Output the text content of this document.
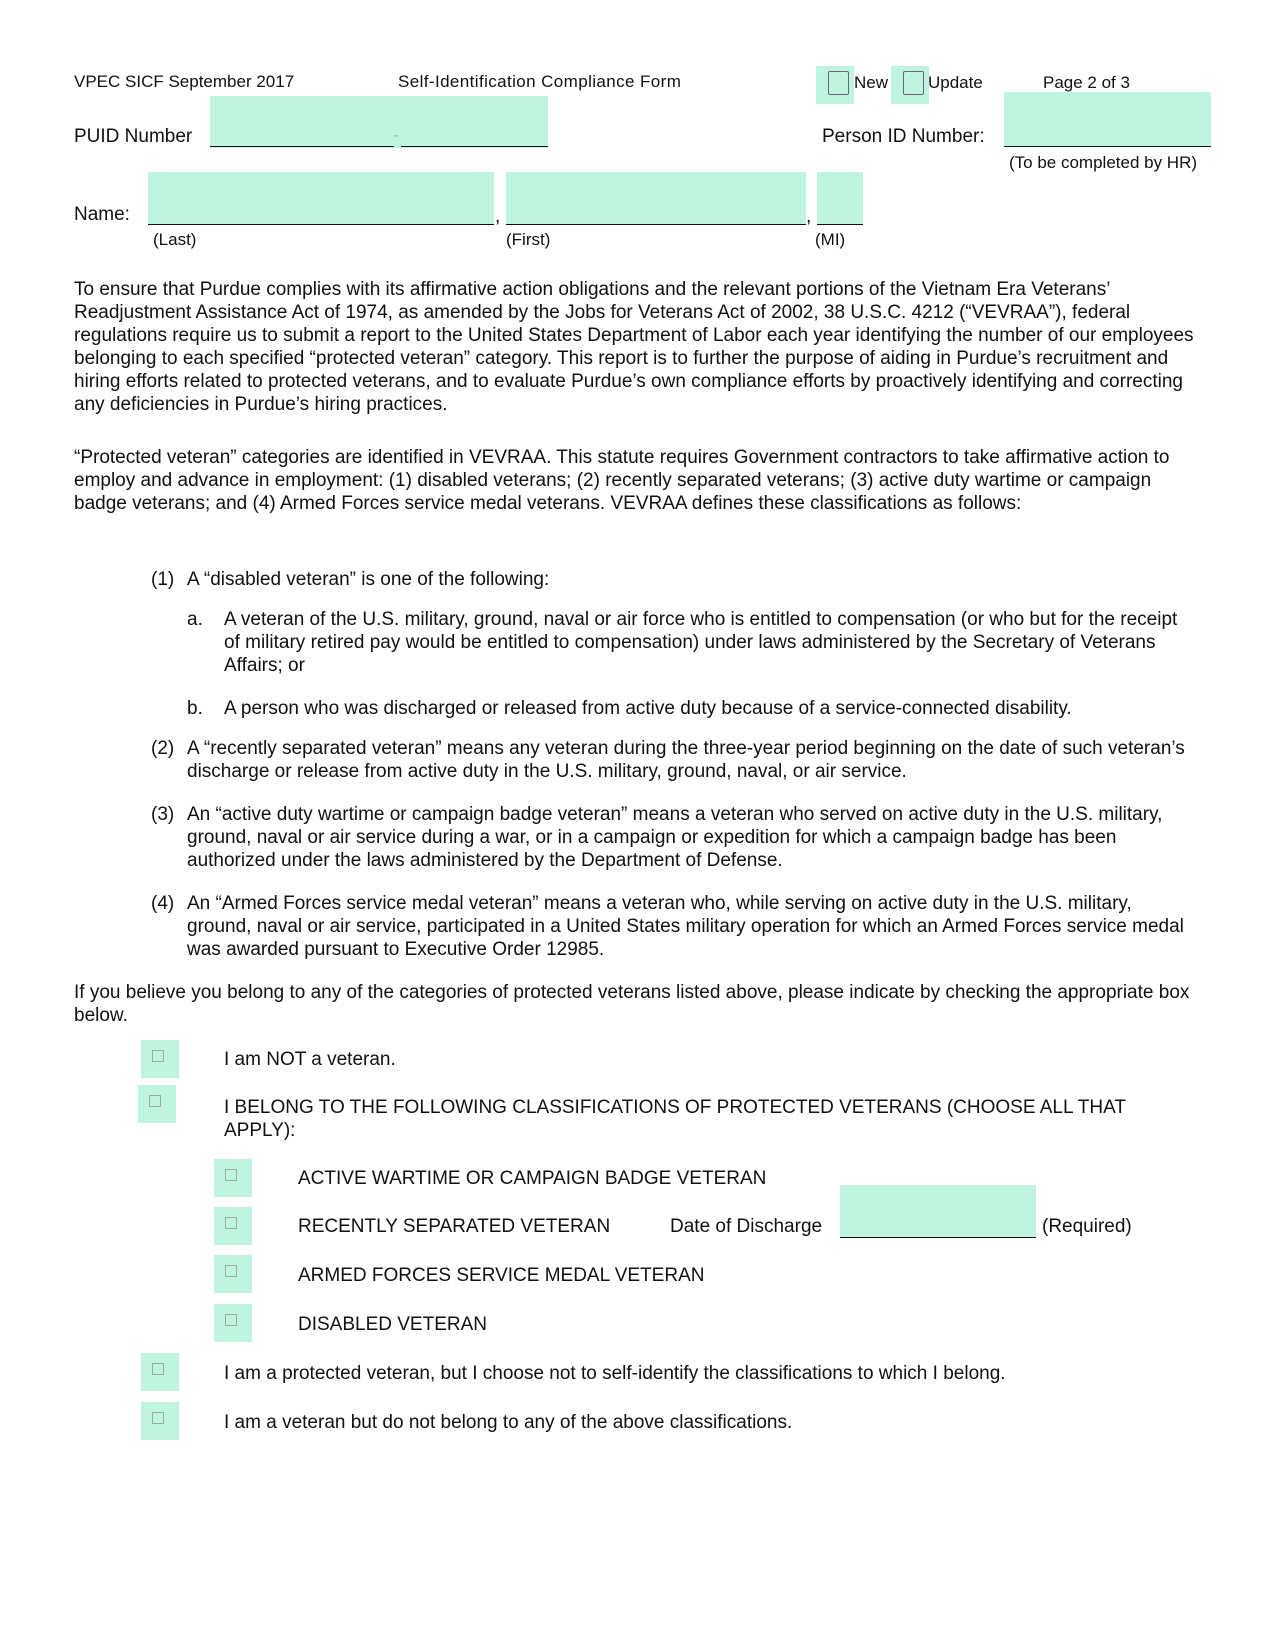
VPEC SICF September 2017	Self-Identification Compliance Form	New Update	Page 2 of 3
PUID Number	-	Person ID Number:
(To be completed by HR)
Name:	,	,
(Last)	(First)	(MI)
To ensure that Purdue complies with its affirmative action obligations and the relevant portions of the Vietnam Era Veterans’ Readjustment Assistance Act of 1974, as amended by the Jobs for Veterans Act of 2002, 38 U.S.C. 4212 (“VEVRAA”), federal regulations require us to submit a report to the United States Department of Labor each year identifying the number of our employees belonging to each specified “protected veteran” category. This report is to further the purpose of aiding in Purdue’s recruitment and hiring efforts related to protected veterans, and to evaluate Purdue’s own compliance efforts by proactively identifying and correcting any deficiencies in Purdue’s hiring practices.
“Protected veteran” categories are identified in VEVRAA. This statute requires Government contractors to take affirmative action to employ and advance in employment: (1) disabled veterans; (2) recently separated veterans; (3) active duty wartime or campaign badge veterans; and (4) Armed Forces service medal veterans. VEVRAA defines these classifications as follows:
(1) A “disabled veteran” is one of the following:
a. A veteran of the U.S. military, ground, naval or air force who is entitled to compensation (or who but for the receipt of military retired pay would be entitled to compensation) under laws administered by the Secretary of Veterans Affairs; or
b. A person who was discharged or released from active duty because of a service-connected disability.
(2) A “recently separated veteran” means any veteran during the three-year period beginning on the date of such veteran’s discharge or release from active duty in the U.S. military, ground, naval, or air service.
(3) An “active duty wartime or campaign badge veteran” means a veteran who served on active duty in the U.S. military, ground, naval or air service during a war, or in a campaign or expedition for which a campaign badge has been authorized under the laws administered by the Department of Defense.
(4) An “Armed Forces service medal veteran” means a veteran who, while serving on active duty in the U.S. military, ground, naval or air service, participated in a United States military operation for which an Armed Forces service medal was awarded pursuant to Executive Order 12985.
If you believe you belong to any of the categories of protected veterans listed above, please indicate by checking the appropriate box below.
I am NOT a veteran.
I BELONG TO THE FOLLOWING CLASSIFICATIONS OF PROTECTED VETERANS (CHOOSE ALL THAT APPLY):
ACTIVE WARTIME OR CAMPAIGN BADGE VETERAN
RECENTLY SEPARATED VETERAN	Date of Discharge	(Required)
ARMED FORCES SERVICE MEDAL VETERAN
DISABLED VETERAN
I am a protected veteran, but I choose not to self-identify the classifications to which I belong.
I am a veteran but do not belong to any of the above classifications.
